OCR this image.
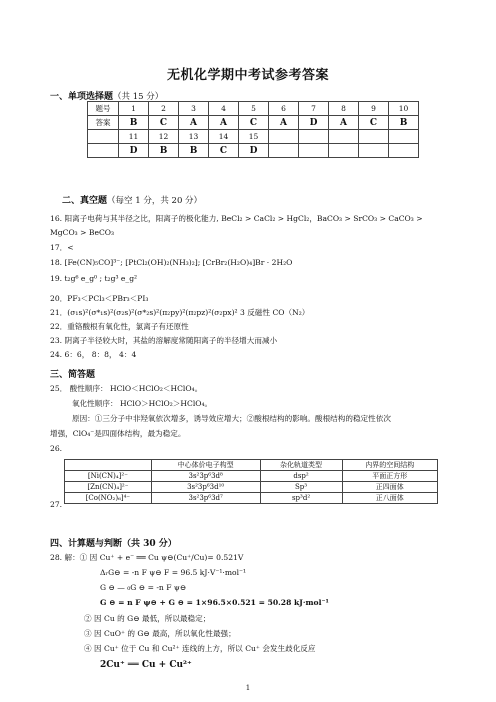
无机化学期中考试参考答案
一、单项选择题（共 15 分）
题号	1	2	3	4	5	6	7	8	9	10
答案	B	C	A	A	C	A	D	A	C	B
	11	12	13	14	15					
	D	B	B	C	D					
二、真空题（每空 1 分，共 20 分）
16. 阳离子电荷与其半径之比，阳离子的极化能力, BeCl₂ > CaCl₂ > HgCl₂，BaCO₃ > SrCO₃ > CaCO₃ >
MgCO₃ > BeCO₃
17．<
18. [Fe(CN)₅CO]³⁻; [PtCl₂(OH)₂(NH₃)₂]; [CrBr₂(H₂O)₄]Br · 2H₂O
19. t₂g⁶ e_g⁰ ; t₂g³ e_g²
20．PF₃＜PCl₃＜PBr₃＜PI₃
21．(σ₁s)²(σ*₁s)²(σ₂s)²(σ*₂s)²(π₂py)²(π₂pz)²(σ₂px)² 3 反磁性 CO（N₂）
22．重铬酸根有氧化性，氯离子有还原性
23. 阴离子半径较大时，其盐的溶解度常随阳离子的半径增大而减小
24. 6：6， 8：8， 4：4
三、简答题
25． 酸性顺序： HClO＜HClO₂＜HClO₄。
氧化性顺序： HClO＞HClO₂＞HClO₄。
原因：①三分子中非羟氧依次增多，诱导效应增大；②酸根结构的影响。酸根结构的稳定性依次
增强，ClO₄⁻是四面体结构，最为稳定。
26.
	中心体价电子构型	杂化轨道类型	内界的空间结构
[Ni(CN)₄]²⁻	3s²3p⁶3d⁸	dsp²	平面正方形
[Zn(CN)₄]²⁻	3s²3p⁶3d¹⁰	Sp³	正四面体
[Co(NO₂)₆]⁴⁻	3s²3p⁶3d⁷	sp³d²	正八面体
27.
四、计算题与判断（共 30 分）
28. 解：① 因 Cu⁺ + e⁻ ══ Cu ψ⊖(Cu⁺/Cu)= 0.521V
ΔᵣG⊖ = -n F ψ⊖ F = 96.5 kJ·V⁻¹·mol⁻¹
G ⊖ — ₀G ⊖ = -n F ψ⊖
G ⊖ = n F ψ⊖ + G ⊖ = 1×96.5×0.521 = 50.28 kJ·mol⁻¹
② 因 Cu 的 G⊖ 最低，所以最稳定；
③ 因 CuO⁺ 的 G⊖ 最高，所以氧化性最强；
④ 因 Cu⁺ 位于 Cu 和 Cu²⁺ 连线的上方，所以 Cu⁺ 会发生歧化反应
2Cu⁺ ══ Cu + Cu²⁺
1
